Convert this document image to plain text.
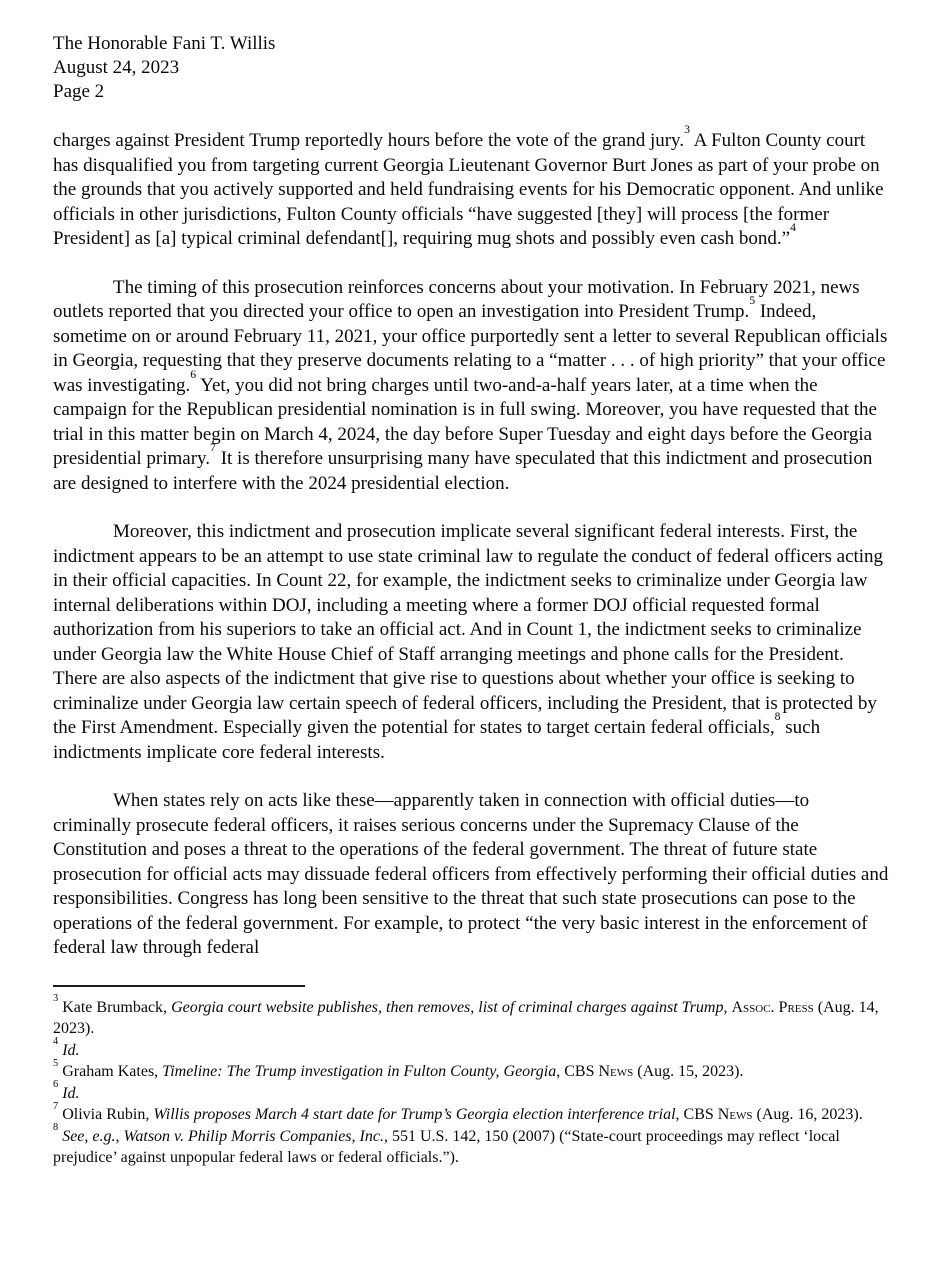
The Honorable Fani T. Willis
August 24, 2023
Page 2

charges against President Trump reportedly hours before the vote of the grand jury.$^3$ A Fulton County court has disqualified you from targeting current Georgia Lieutenant Governor Burt Jones as part of your probe on the grounds that you actively supported and held fundraising events for his Democratic opponent. And unlike officials in other jurisdictions, Fulton County officials “have suggested [they] will process [the former President] as [a] typical criminal defendant[], requiring mug shots and possibly even cash bond.”$^4$

The timing of this prosecution reinforces concerns about your motivation. In February 2021, news outlets reported that you directed your office to open an investigation into President Trump.$^5$ Indeed, sometime on or around February 11, 2021, your office purportedly sent a letter to several Republican officials in Georgia, requesting that they preserve documents relating to a “matter . . . of high priority” that your office was investigating.$^6$ Yet, you did not bring charges until two-and-a-half years later, at a time when the campaign for the Republican presidential nomination is in full swing. Moreover, you have requested that the trial in this matter begin on March 4, 2024, the day before Super Tuesday and eight days before the Georgia presidential primary.$^7$ It is therefore unsurprising many have speculated that this indictment and prosecution are designed to interfere with the 2024 presidential election.

Moreover, this indictment and prosecution implicate several significant federal interests. First, the indictment appears to be an attempt to use state criminal law to regulate the conduct of federal officers acting in their official capacities. In Count 22, for example, the indictment seeks to criminalize under Georgia law internal deliberations within DOJ, including a meeting where a former DOJ official requested formal authorization from his superiors to take an official act. And in Count 1, the indictment seeks to criminalize under Georgia law the White House Chief of Staff arranging meetings and phone calls for the President. There are also aspects of the indictment that give rise to questions about whether your office is seeking to criminalize under Georgia law certain speech of federal officers, including the President, that is protected by the First Amendment. Especially given the potential for states to target certain federal officials,$^8$ such indictments implicate core federal interests.

When states rely on acts like these—apparently taken in connection with official duties—to criminally prosecute federal officers, it raises serious concerns under the Supremacy Clause of the Constitution and poses a threat to the operations of the federal government. The threat of future state prosecution for official acts may dissuade federal officers from effectively performing their official duties and responsibilities. Congress has long been sensitive to the threat that such state prosecutions can pose to the operations of the federal government. For example, to protect “the very basic interest in the enforcement of federal law through federal

$^3$ Kate Brumback, Georgia court website publishes, then removes, list of criminal charges against Trump, Assoc. Press (Aug. 14, 2023).

$^4$ Id.

$^5$ Graham Kates, Timeline: The Trump investigation in Fulton County, Georgia, CBS News (Aug. 15, 2023).

$^6$ Id.

$^7$ Olivia Rubin, Willis proposes March 4 start date for Trump’s Georgia election interference trial, CBS News (Aug. 16, 2023).

$^8$ See, e.g., Watson v. Philip Morris Companies, Inc., 551 U.S. 142, 150 (2007) (“State-court proceedings may reflect ‘local prejudice’ against unpopular federal laws or federal officials.”).
